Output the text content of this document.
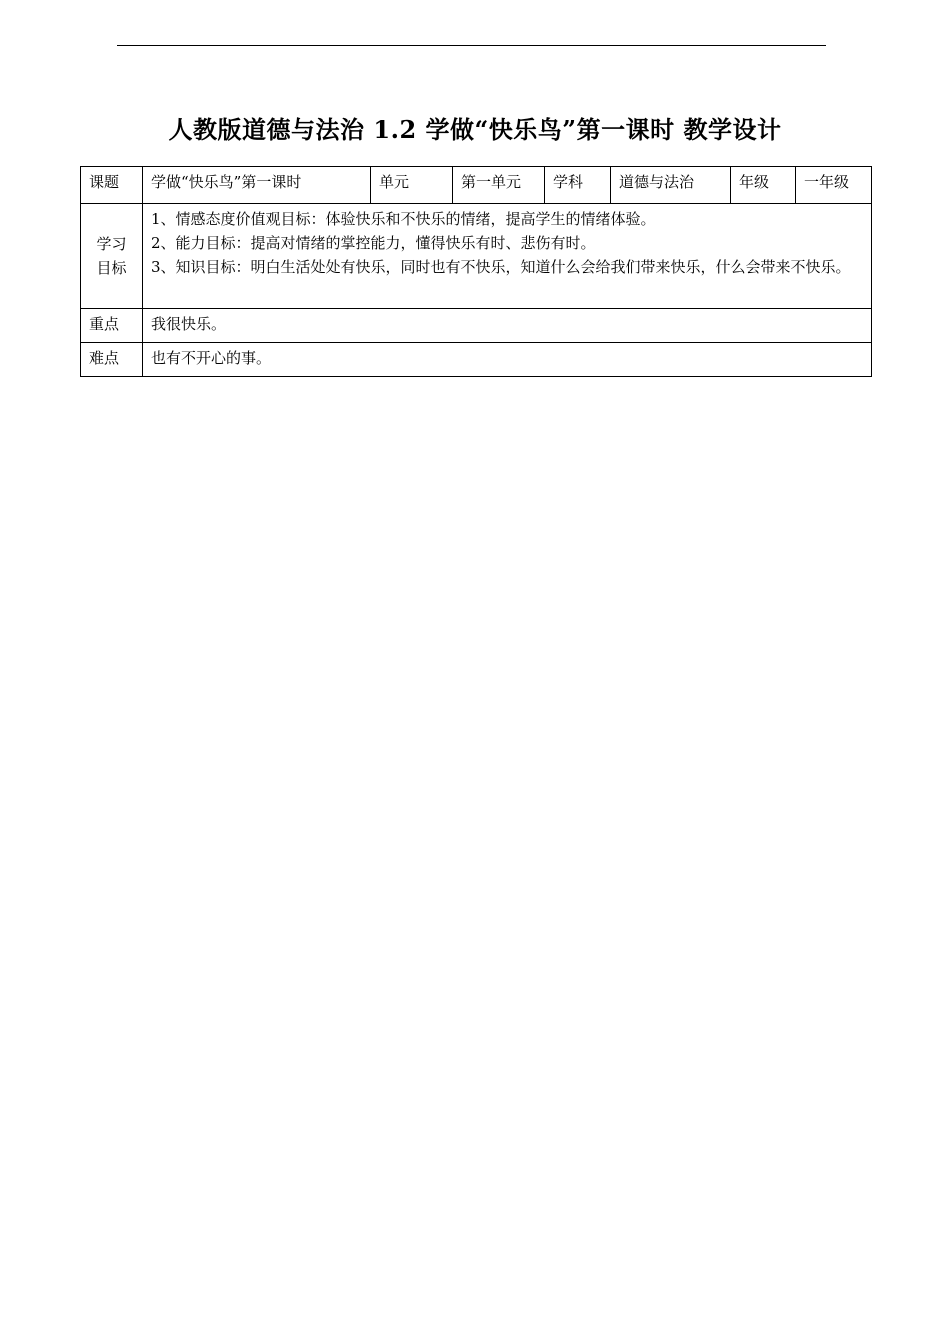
人教版道德与法治 1.2 学做“快乐鸟”第一课时 教学设计
课题	学做“快乐鸟”第一课时	单元	第一单元	学科	道德与法治	年级	一年级

学习
目标	1、情感态度价值观目标：体验快乐和不快乐的情绪，提高学生的情绪体验。
2、能力目标：提高对情绪的掌控能力，懂得快乐有时、悲伤有时。
3、知识目标：明白生活处处有快乐，同时也有不快乐，知道什么会给我们带来快乐，什么会带来不快乐。						

重点	我很快乐。						
难点	也有不开心的事。						
